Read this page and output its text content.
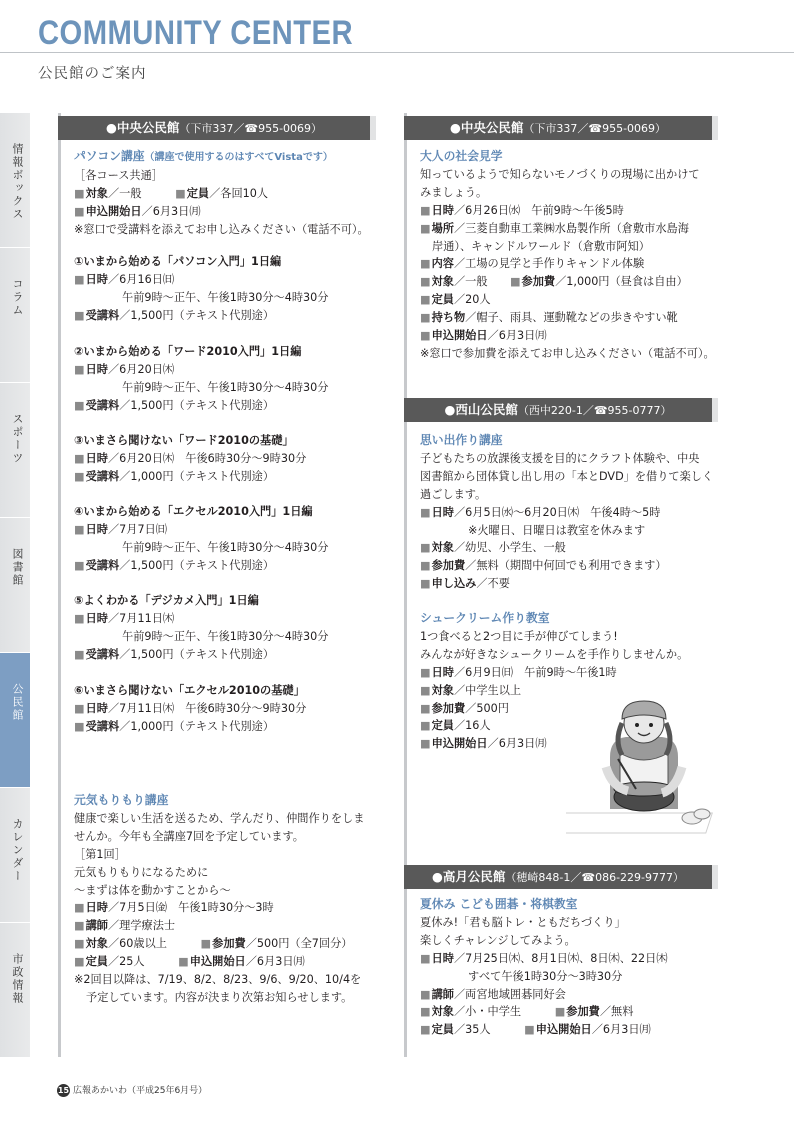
COMMUNITY CENTER
公民館のご案内
情報ボックス
コラム
スポーツ
図書館
公民館
カレンダー
市政情報
●中央公民館（下市337／☎955-0069）
パソコン講座（講座で使用するのはすべてVistaです）
［各コース共通］
■ 対象／一般　　　	■ 定員／各回10人
■ 申込開始日／6月3日㈪
※窓口で受講料を添えてお申し込みください（電話不可）。
①いまから始める「パソコン入門」1日編
■ 日時／6月16日㈰
午前9時～正午、午後1時30分～4時30分
■ 受講料／1,500円（テキスト代別途）
②いまから始める「ワード2010入門」1日編
■ 日時／6月20日㈭
午前9時～正午、午後1時30分～4時30分
■ 受講料／1,500円（テキスト代別途）
③いまさら聞けない「ワード2010の基礎」
■ 日時／6月20日㈭　午後6時30分～9時30分
■ 受講料／1,000円（テキスト代別途）
④いまから始める「エクセル2010入門」1日編
■ 日時／7月7日㈰
午前9時～正午、午後1時30分～4時30分
■ 受講料／1,500円（テキスト代別途）
⑤よくわかる「デジカメ入門」1日編
■ 日時／7月11日㈭
午前9時～正午、午後1時30分～4時30分
■ 受講料／1,500円（テキスト代別途）
⑥いまさら聞けない「エクセル2010の基礎」
■ 日時／7月11日㈭　午後6時30分～9時30分
■ 受講料／1,000円（テキスト代別途）
元気もりもり講座
健康で楽しい生活を送るため、学んだり、仲間作りをしま
せんか。今年も全講座7回を予定しています。
［第1回］
元気もりもりになるために
～まずは体を動かすことから～
■ 日時／7月5日㈮　午後1時30分～3時
■ 講師／理学療法士
■ 対象／60歳以上　　　	■ 参加費／500円（全7回分）
■ 定員／25人　　　	■ 申込開始日／6月3日㈪
※2回目以降は、7/19、8/2、8/23、9/6、9/20、10/4を
予定しています。内容が決まり次第お知らせします。
●中央公民館（下市337／☎955-0069）
大人の社会見学
知っているようで知らないモノづくりの現場に出かけて
みましょう。
■ 日時／6月26日㈬　午前9時～午後5時
■ 場所／三菱自動車工業㈱水島製作所（倉敷市水島海
岸通）、キャンドルワールド（倉敷市阿知）
■ 内容／工場の見学と手作りキャンドル体験
■ 対象／一般　　	■ 参加費／1,000円（昼食は自由）
■ 定員／20人
■ 持ち物／帽子、雨具、運動靴などの歩きやすい靴
■ 申込開始日／6月3日㈪
※窓口で参加費を添えてお申し込みください（電話不可）。
●西山公民館（西中220-1／☎955-0777）
思い出作り講座
子どもたちの放課後支援を目的にクラフト体験や、中央
図書館から団体貸し出し用の「本とDVD」を借りて楽しく
過ごします。
■ 日時／6月5日㈬～6月20日㈭　午後4時～5時
※火曜日、日曜日は教室を休みます
■ 対象／幼児、小学生、一般
■ 参加費／無料（期間中何回でも利用できます）
■ 申し込み／不要
シュークリーム作り教室
1つ食べると2つ目に手が伸びてしまう!
みんなが好きなシュークリームを手作りしませんか。
■ 日時／6月9日㈰　午前9時～午後1時
■ 対象／中学生以上
■ 参加費／500円
■ 定員／16人
■ 申込開始日／6月3日㈪
●高月公民館（穂崎848-1／☎086-229-9777）
夏休み こども囲碁・将棋教室
夏休み!「君も脳トレ・ともだちづくり」
楽しくチャレンジしてみよう。
■ 日時／7月25日㈭、8月1日㈭、8日㈭、22日㈭
すべて午後1時30分～3時30分
■ 講師／両宮地域囲碁同好会
■ 対象／小・中学生　　　	■ 参加費／無料
■ 定員／35人　　　	■ 申込開始日／6月3日㈪
15 広報あかいわ（平成25年6月号）
